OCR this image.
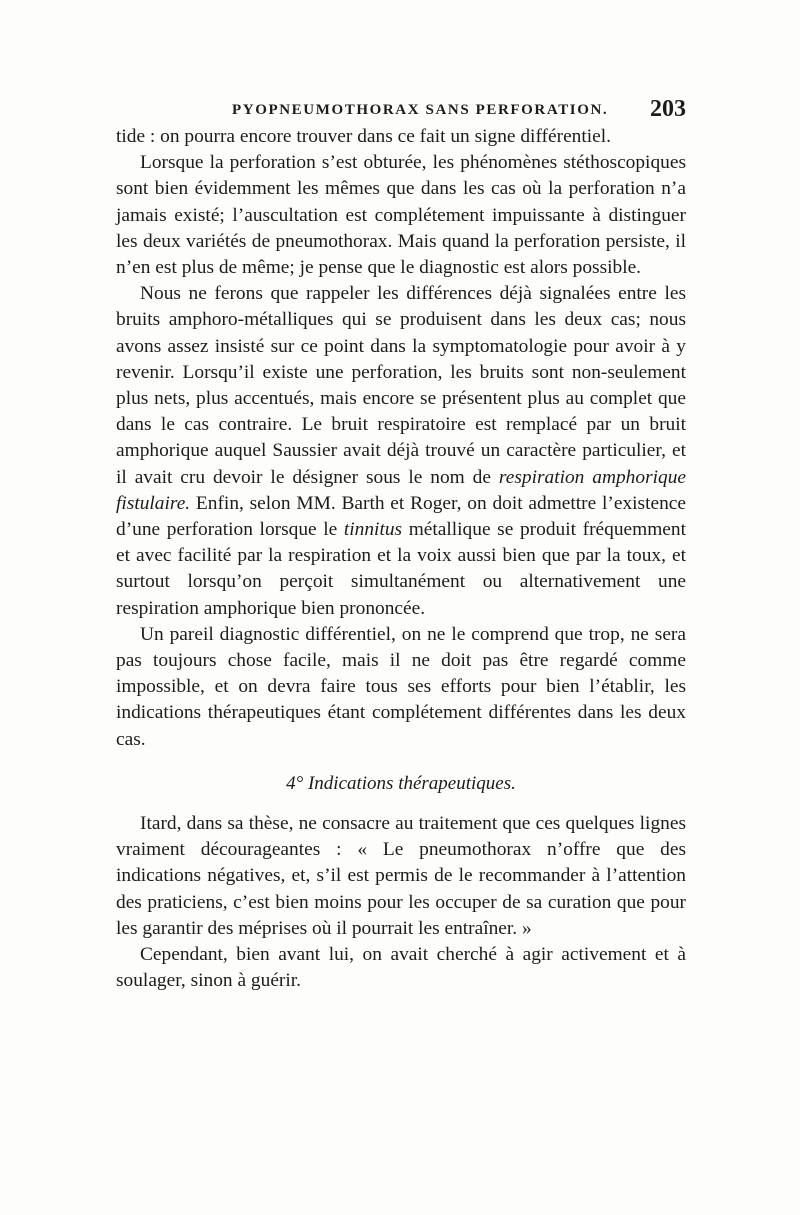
PYOPNEUMOTHORAX SANS PERFORATION. 203

tide : on pourra encore trouver dans ce fait un signe différentiel.

Lorsque la perforation s’est obturée, les phénomènes stéthoscopiques sont bien évidemment les mêmes que dans les cas où la perforation n’a jamais existé; l’auscultation est complétement impuissante à distinguer les deux variétés de pneumothorax. Mais quand la perforation persiste, il n’en est plus de même; je pense que le diagnostic est alors possible.

Nous ne ferons que rappeler les différences déjà signalées entre les bruits amphoro-métalliques qui se produisent dans les deux cas; nous avons assez insisté sur ce point dans la symptomatologie pour avoir à y revenir. Lorsqu’il existe une perforation, les bruits sont non-seulement plus nets, plus accentués, mais encore se présentent plus au complet que dans le cas contraire. Le bruit respiratoire est remplacé par un bruit amphorique auquel Saussier avait déjà trouvé un caractère particulier, et il avait cru devoir le désigner sous le nom de respiration amphorique fistulaire. Enfin, selon MM. Barth et Roger, on doit admettre l’existence d’une perforation lorsque le tinnitus métallique se produit fréquemment et avec facilité par la respiration et la voix aussi bien que par la toux, et surtout lorsqu’on perçoit simultanément ou alternativement une respiration amphorique bien prononcée.

Un pareil diagnostic différentiel, on ne le comprend que trop, ne sera pas toujours chose facile, mais il ne doit pas être regardé comme impossible, et on devra faire tous ses efforts pour bien l’établir, les indications thérapeutiques étant complétement différentes dans les deux cas.

4° Indications thérapeutiques.

Itard, dans sa thèse, ne consacre au traitement que ces quelques lignes vraiment décourageantes : « Le pneumothorax n’offre que des indications négatives, et, s’il est permis de le recommander à l’attention des praticiens, c’est bien moins pour les occuper de sa curation que pour les garantir des méprises où il pourrait les entraîner. »

Cependant, bien avant lui, on avait cherché à agir activement et à soulager, sinon à guérir.
